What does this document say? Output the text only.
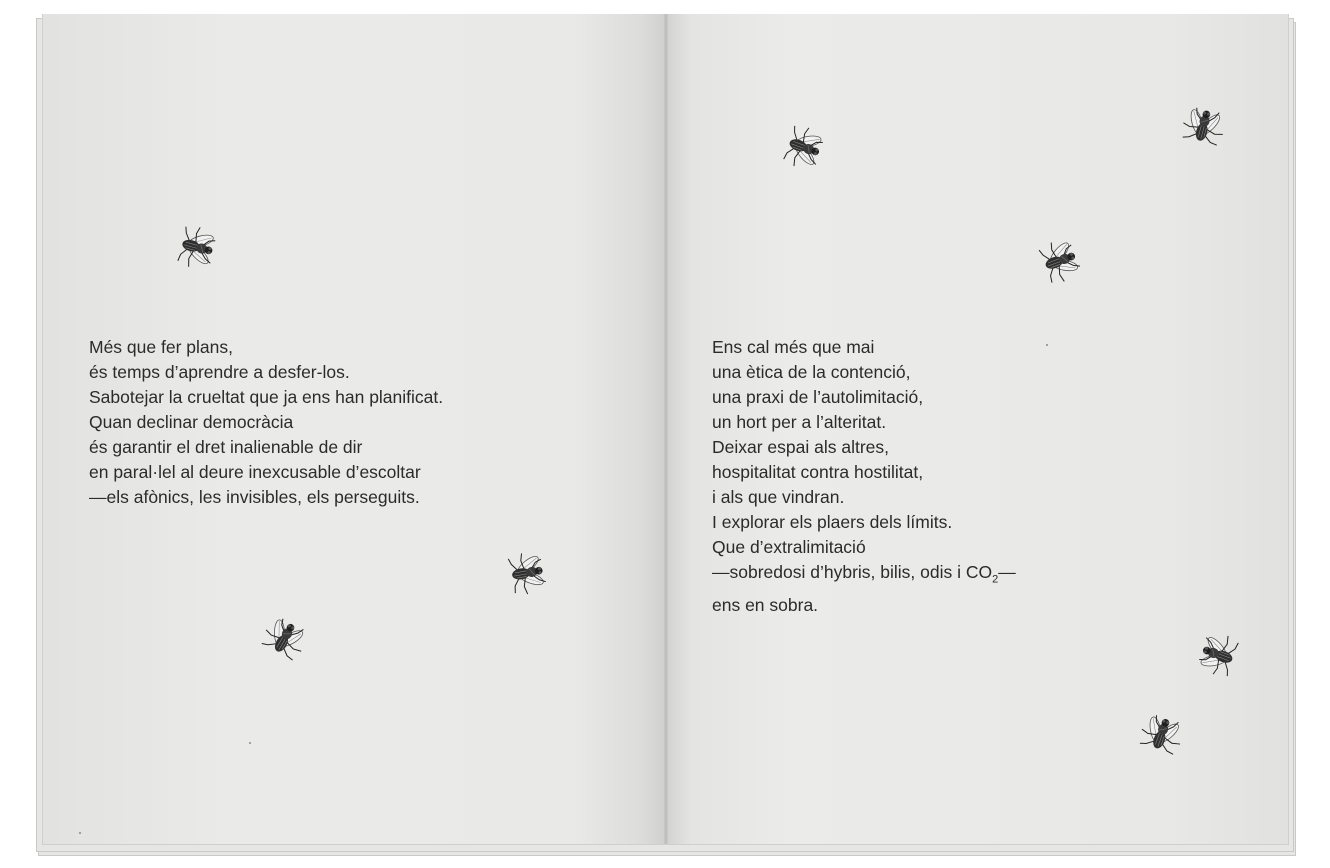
Més que fer plans,
és temps d’aprendre a desfer-los.
Sabotejar la crueltat que ja ens han planificat.
Quan declinar democràcia
és garantir el dret inalienable de dir
en paral·lel al deure inexcusable d’escoltar
—els afònics, les invisibles, els perseguits.
Ens cal més que mai
una ètica de la contenció,
una praxi de l’autolimitació,
un hort per a l’alteritat.
Deixar espai als altres,
hospitalitat contra hostilitat,
i als que vindran.
I explorar els plaers dels límits.
Que d’extralimitació
—sobredosi d’hybris, bilis, odis i $CO_2—$
ens en sobra.
